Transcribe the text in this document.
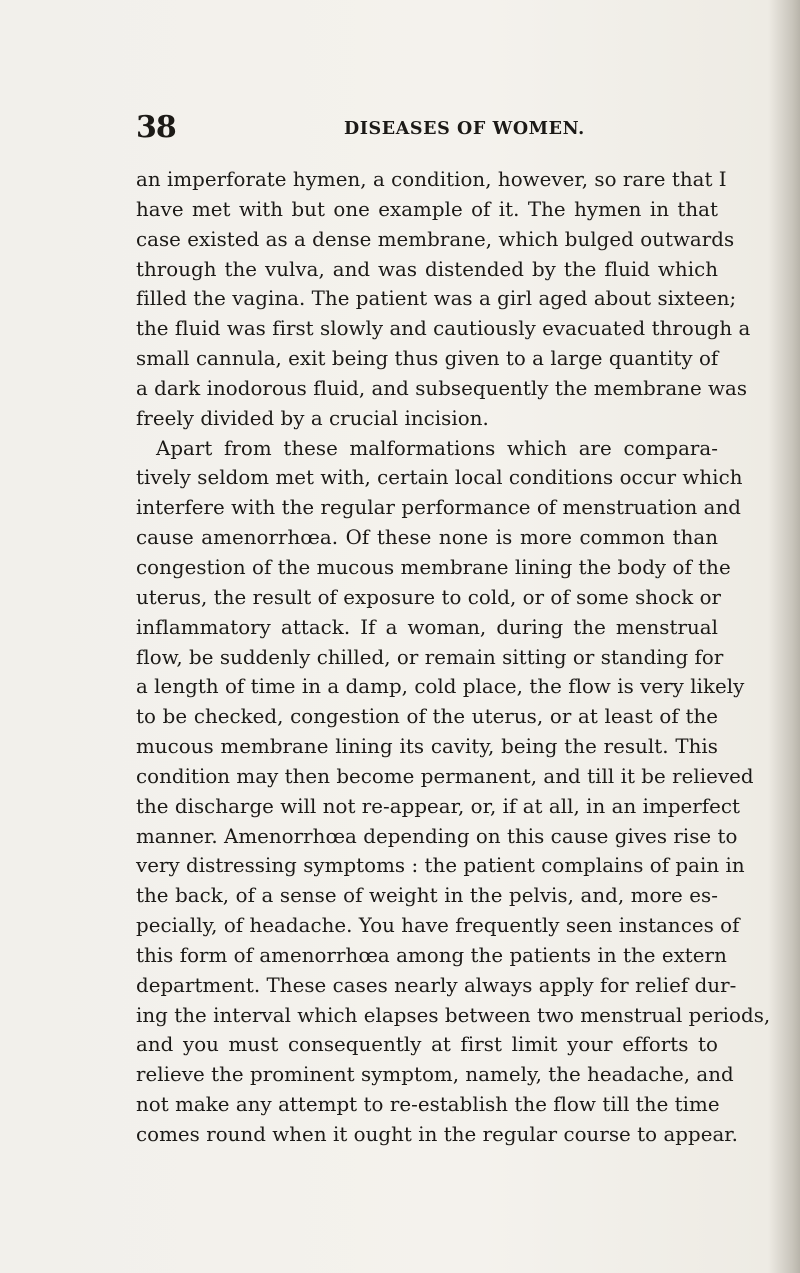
38	DISEASES OF WOMEN.
an imperforate hymen, a condition, however, so rare that I
have met with but one example of it. The hymen in that
case existed as a dense membrane, which bulged outwards
through the vulva, and was distended by the fluid which
filled the vagina. The patient was a girl aged about sixteen;
the fluid was first slowly and cautiously evacuated through a
small cannula, exit being thus given to a large quantity of
a dark inodorous fluid, and subsequently the membrane was
freely divided by a crucial incision.
Apart from these malformations which are compara-
tively seldom met with, certain local conditions occur which
interfere with the regular performance of menstruation and
cause amenorrhœa. Of these none is more common than
congestion of the mucous membrane lining the body of the
uterus, the result of exposure to cold, or of some shock or
inflammatory attack. If a woman, during the menstrual
flow, be suddenly chilled, or remain sitting or standing for
a length of time in a damp, cold place, the flow is very likely
to be checked, congestion of the uterus, or at least of the
mucous membrane lining its cavity, being the result. This
condition may then become permanent, and till it be relieved
the discharge will not re-appear, or, if at all, in an imperfect
manner. Amenorrhœa depending on this cause gives rise to
very distressing symptoms : the patient complains of pain in
the back, of a sense of weight in the pelvis, and, more es-
pecially, of headache. You have frequently seen instances of
this form of amenorrhœa among the patients in the extern
department. These cases nearly always apply for relief dur-
ing the interval which elapses between two menstrual periods,
and you must consequently at first limit your efforts to
relieve the prominent symptom, namely, the headache, and
not make any attempt to re-establish the flow till the time
comes round when it ought in the regular course to appear.
